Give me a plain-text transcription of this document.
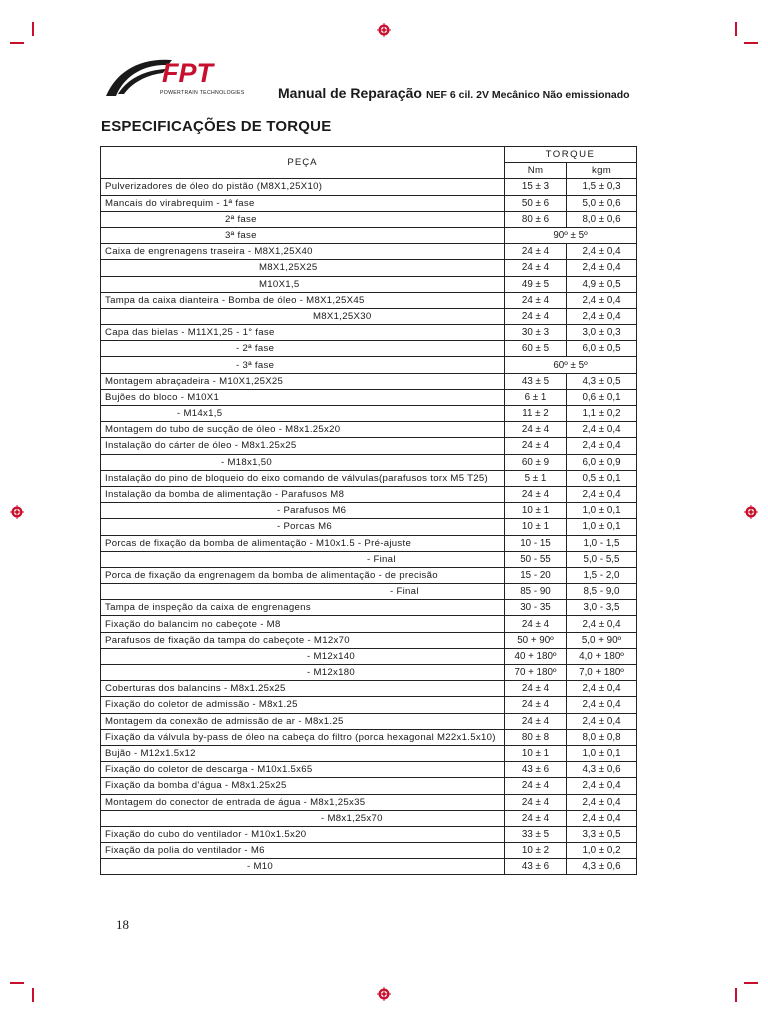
FPT
POWERTRAIN TECHNOLOGIES Manual de Reparação NEF 6 cil. 2V Mecânico Não emissionado
ESPECIFICAÇÕES DE TORQUE
PEÇA	TORQUE	
	Nm	kgm
Pulverizadores de óleo do pistão (M8X1,25X10)	15 ± 3	1,5 ± 0,3
Mancais do virabrequim - 1ª fase	50 ± 6	5,0 ± 0,6
2ª fase	80 ± 6	8,0 ± 0,6
3ª fase	90º ± 5º	
Caixa de engrenagens traseira - M8X1,25X40	24 ± 4	2,4 ± 0,4
M8X1,25X25	24 ± 4	2,4 ± 0,4
M10X1,5	49 ± 5	4,9 ± 0,5
Tampa da caixa dianteira - Bomba de óleo - M8X1,25X45	24 ± 4	2,4 ± 0,4
M8X1,25X30	24 ± 4	2,4 ± 0,4
Capa das bielas - M11X1,25 - 1° fase	30 ± 3	3,0 ± 0,3
- 2ª fase	60 ± 5	6,0 ± 0,5
- 3ª fase	60º ± 5º	
Montagem abraçadeira - M10X1,25X25	43 ± 5	4,3 ± 0,5
Bujões do bloco - M10X1	6 ± 1	0,6 ± 0,1
- M14x1,5	11 ± 2	1,1 ± 0,2
Montagem do tubo de sucção de óleo - M8x1.25x20	24 ± 4	2,4 ± 0,4
Instalação do cárter de óleo - M8x1.25x25	24 ± 4	2,4 ± 0,4
- M18x1,50	60 ± 9	6,0 ± 0,9
Instalação do pino de bloqueio do eixo comando de válvulas(parafusos torx M5 T25)	5 ± 1	0,5 ± 0,1
Instalação da bomba de alimentação - Parafusos M8	24 ± 4	2,4 ± 0,4
- Parafusos M6	10 ± 1	1,0 ± 0,1
- Porcas M6	10 ± 1	1,0 ± 0,1
Porcas de fixação da bomba de alimentação - M10x1.5 - Pré-ajuste	10 - 15	1,0 - 1,5
- Final	50 - 55	5,0 - 5,5
Porca de fixação da engrenagem da bomba de alimentação - de precisão	15 - 20	1,5 - 2,0
- Final	85 - 90	8,5 - 9,0
Tampa de inspeção da caixa de engrenagens	30 - 35	3,0 - 3,5
Fixação do balancim no cabeçote - M8	24 ± 4	2,4 ± 0,4
Parafusos de fixação da tampa do cabeçote - M12x70	50 + 90º	5,0 + 90º
- M12x140	40 + 180º	4,0 + 180º
- M12x180	70 + 180º	7,0 + 180º
Coberturas dos balancins - M8x1.25x25	24 ± 4	2,4 ± 0,4
Fixação do coletor de admissão - M8x1.25	24 ± 4	2,4 ± 0,4
Montagem da conexão de admissão de ar - M8x1.25	24 ± 4	2,4 ± 0,4
Fixação da válvula by-pass de óleo na cabeça do filtro (porca hexagonal M22x1.5x10)	80 ± 8	8,0 ± 0,8
Bujão - M12x1.5x12	10 ± 1	1,0 ± 0,1
Fixação do coletor de descarga - M10x1.5x65	43 ± 6	4,3 ± 0,6
Fixação da bomba d'água - M8x1.25x25	24 ± 4	2,4 ± 0,4
Montagem do conector de entrada de água - M8x1,25x35	24 ± 4	2,4 ± 0,4
- M8x1,25x70	24 ± 4	2,4 ± 0,4
Fixação do cubo do ventilador - M10x1.5x20	33 ± 5	3,3 ± 0,5
Fixação da polia do ventilador - M6	10 ± 2	1,0 ± 0,2
- M10	43 ± 6	4,3 ± 0,6
18
